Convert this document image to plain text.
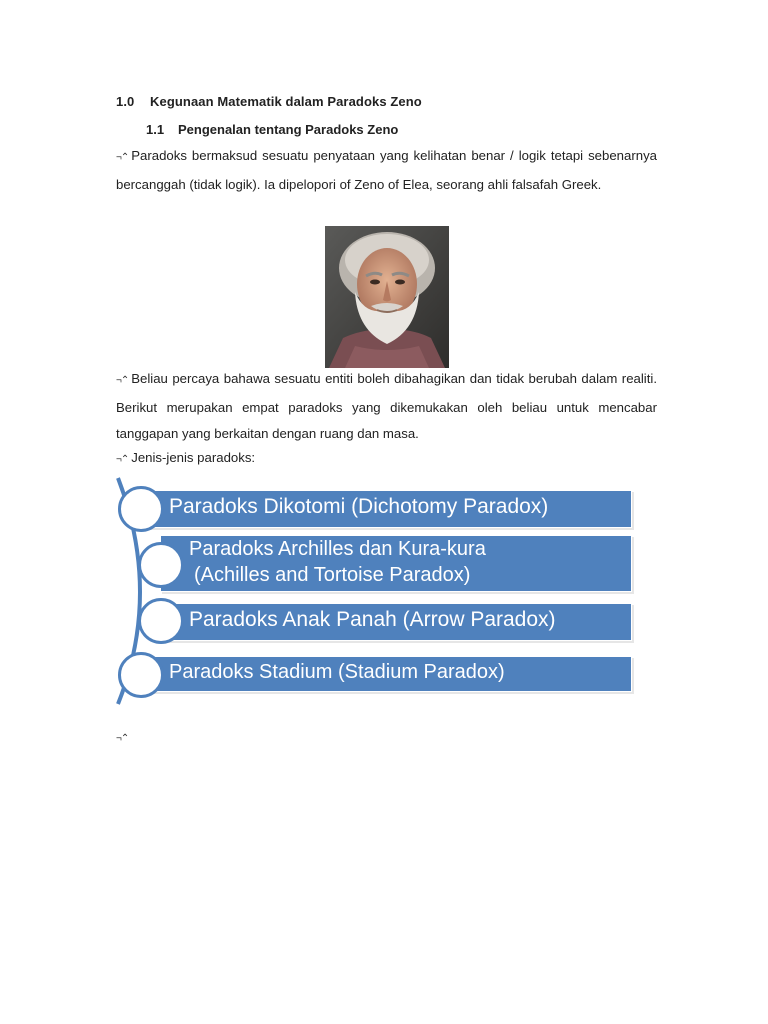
1.0 Kegunaan Matematik dalam Paradoks Zeno
1.1 Pengenalan tentang Paradoks Zeno
¬⌃ Paradoks bermaksud sesuatu penyataan yang kelihatan benar / logik tetapi sebenarnya bercanggah (tidak logik). Ia dipelopori of Zeno of Elea, seorang ahli falsafah Greek.
¬⌃ Beliau percaya bahawa sesuatu entiti boleh dibahagikan dan tidak berubah dalam realiti. Berikut merupakan empat paradoks yang dikemukakan oleh beliau untuk mencabar tanggapan yang berkaitan dengan ruang dan masa.
¬⌃ Jenis-jenis paradoks:
Paradoks Dikotomi (Dichotomy Paradox)
Paradoks Archilles dan Kura-kura
(Achilles and Tortoise Paradox)
Paradoks Anak Panah (Arrow Paradox)
Paradoks Stadium (Stadium Paradox)
¬⌃
